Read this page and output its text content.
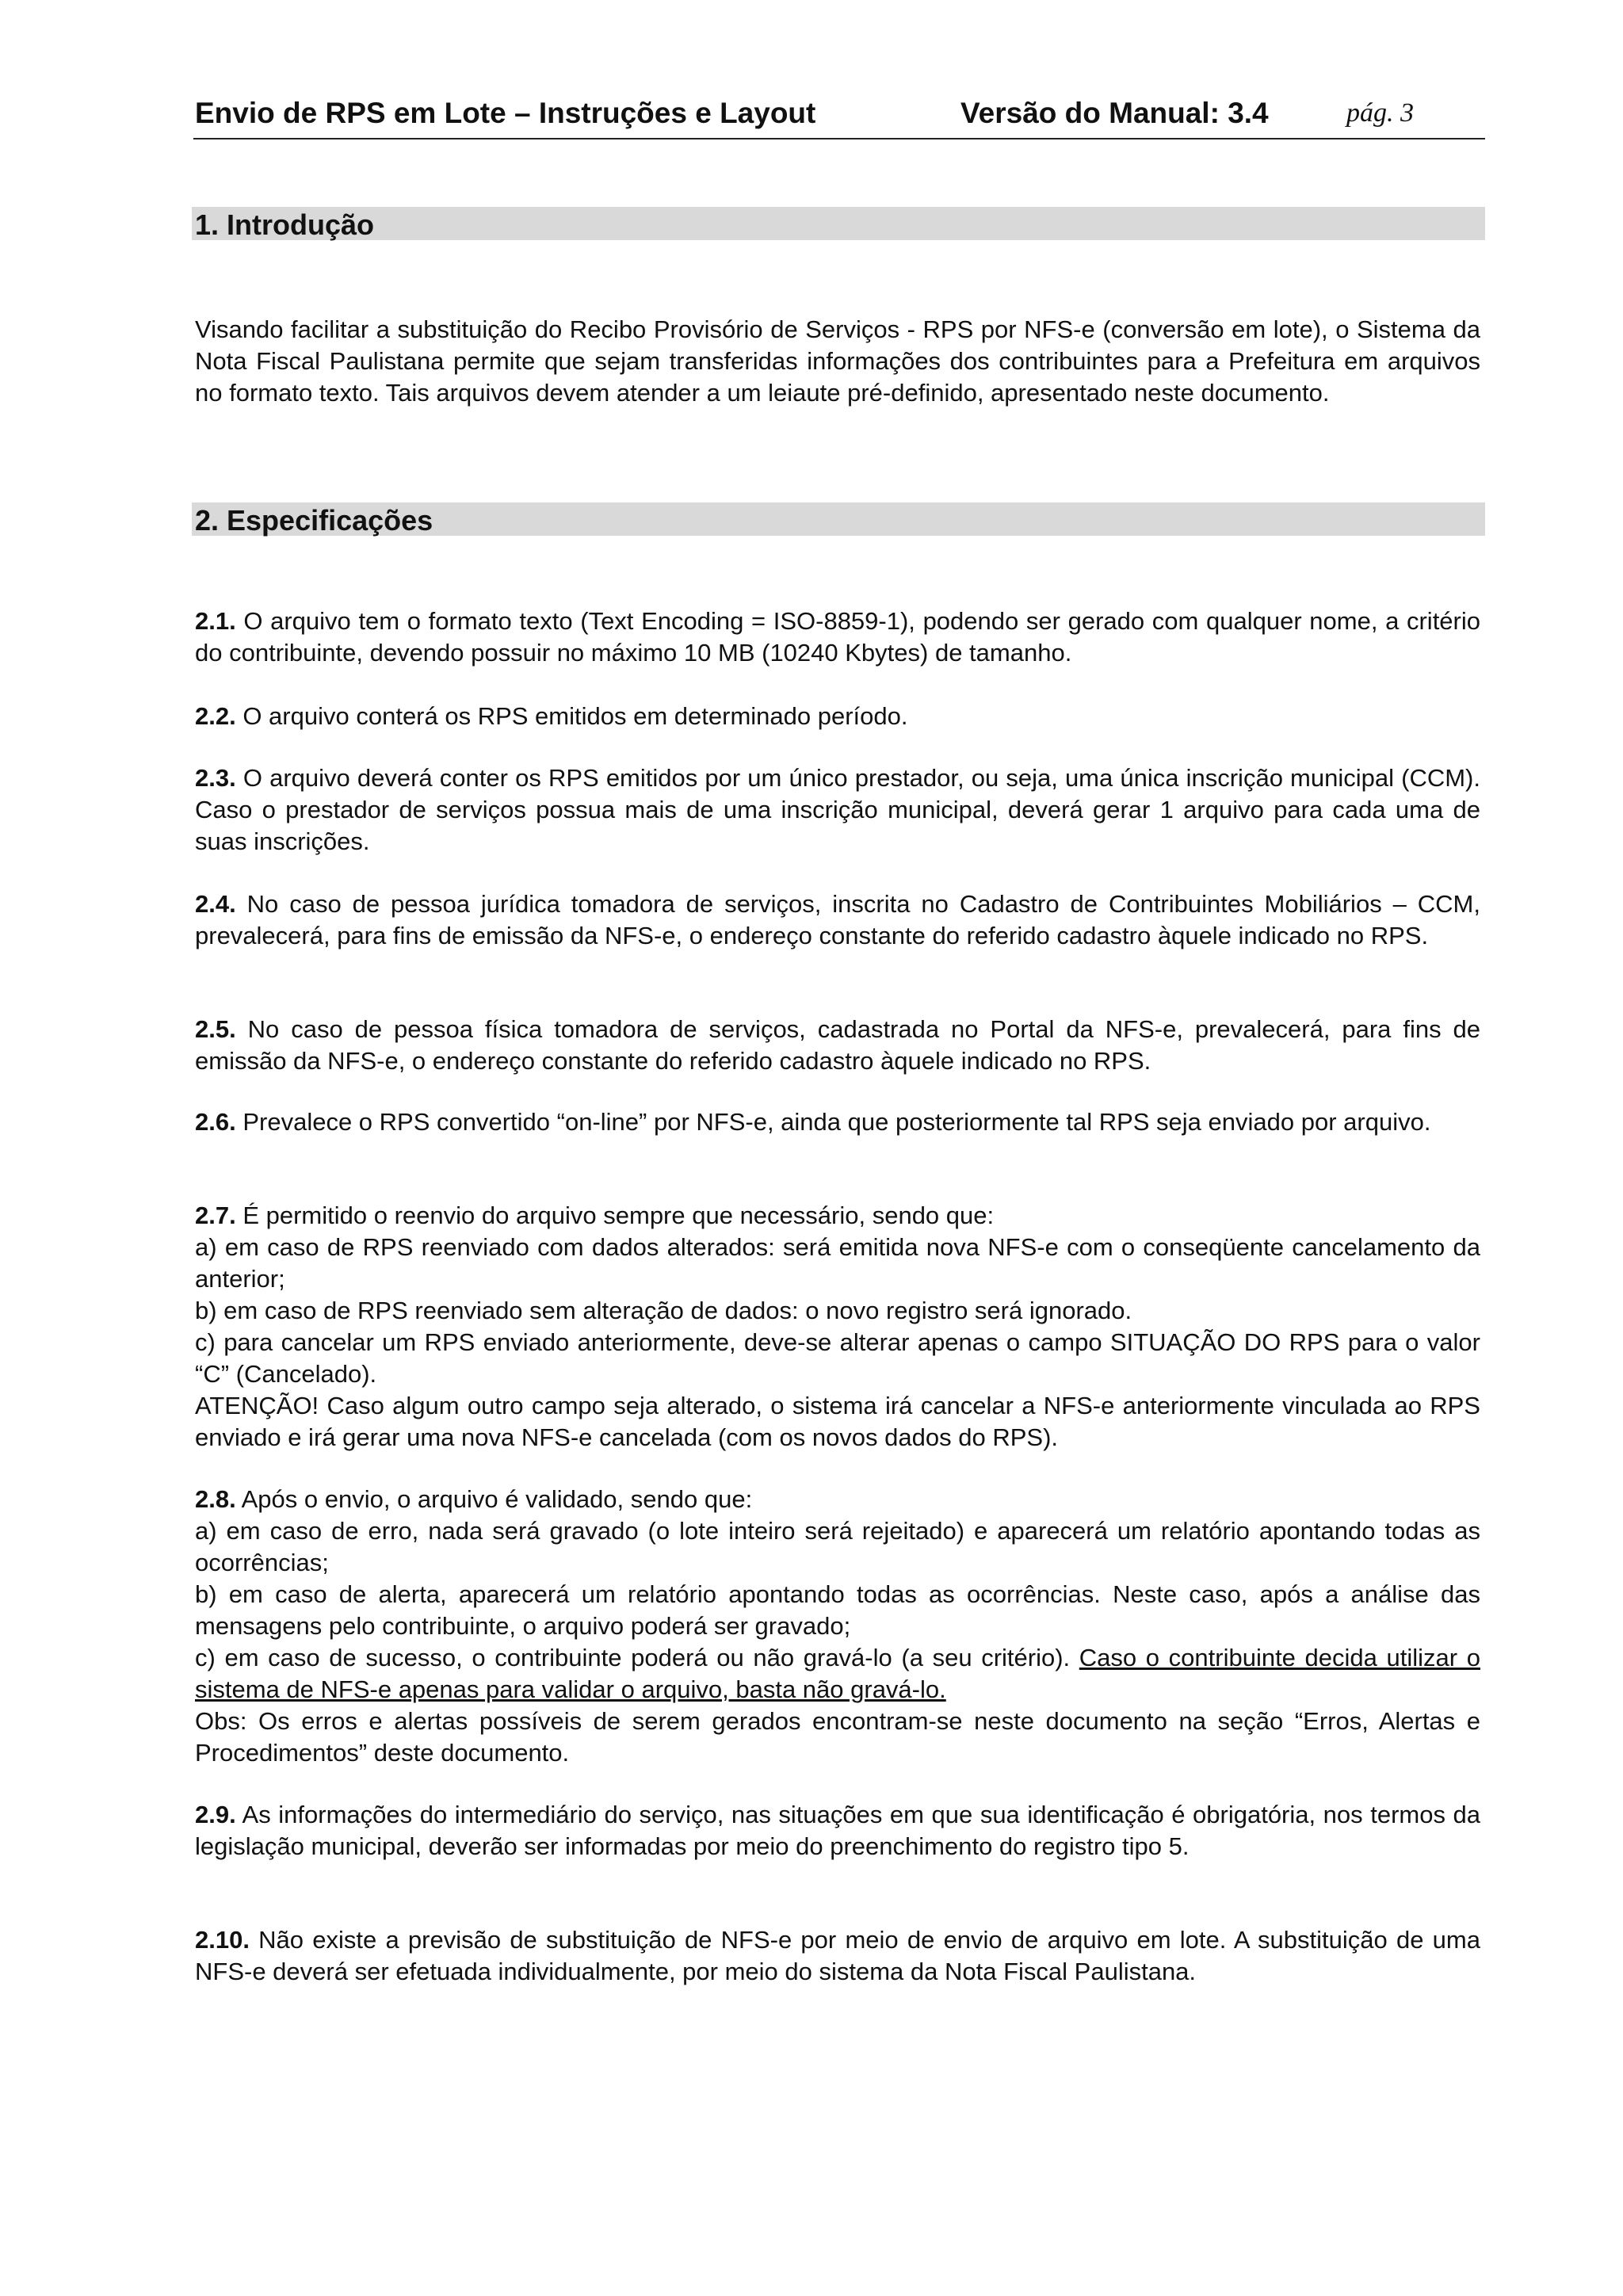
Envio de RPS em Lote – Instruções e Layout	Versão do Manual: 3.4	pág. 3
1. Introdução

Visando facilitar a substituição do Recibo Provisório de Serviços - RPS por NFS-e (conversão em lote), o Sistema da Nota Fiscal Paulistana permite que sejam transferidas informações dos contribuintes para a Prefeitura em arquivos no formato texto. Tais arquivos devem atender a um leiaute pré-definido, apresentado neste documento.

2. Especificações

2.1. O arquivo tem o formato texto (Text Encoding = ISO-8859-1), podendo ser gerado com qualquer nome, a critério do contribuinte, devendo possuir no máximo 10 MB (10240 Kbytes) de tamanho.

2.2. O arquivo conterá os RPS emitidos em determinado período.

2.3. O arquivo deverá conter os RPS emitidos por um único prestador, ou seja, uma única inscrição municipal (CCM). Caso o prestador de serviços possua mais de uma inscrição municipal, deverá gerar 1 arquivo para cada uma de suas inscrições.

2.4. No caso de pessoa jurídica tomadora de serviços, inscrita no Cadastro de Contribuintes Mobiliários – CCM, prevalecerá, para fins de emissão da NFS-e, o endereço constante do referido cadastro àquele indicado no RPS.

2.5. No caso de pessoa física tomadora de serviços, cadastrada no Portal da NFS-e, prevalecerá, para fins de emissão da NFS-e, o endereço constante do referido cadastro àquele indicado no RPS.

2.6. Prevalece o RPS convertido “on-line” por NFS-e, ainda que posteriormente tal RPS seja enviado por arquivo.

2.7. É permitido o reenvio do arquivo sempre que necessário, sendo que:

a) em caso de RPS reenviado com dados alterados: será emitida nova NFS-e com o conseqüente cancelamento da anterior;

b) em caso de RPS reenviado sem alteração de dados: o novo registro será ignorado.

c) para cancelar um RPS enviado anteriormente, deve-se alterar apenas o campo SITUAÇÃO DO RPS para o valor “C” (Cancelado).

ATENÇÃO! Caso algum outro campo seja alterado, o sistema irá cancelar a NFS-e anteriormente vinculada ao RPS enviado e irá gerar uma nova NFS-e cancelada (com os novos dados do RPS).

2.8. Após o envio, o arquivo é validado, sendo que:

a) em caso de erro, nada será gravado (o lote inteiro será rejeitado) e aparecerá um relatório apontando todas as ocorrências;

b) em caso de alerta, aparecerá um relatório apontando todas as ocorrências. Neste caso, após a análise das mensagens pelo contribuinte, o arquivo poderá ser gravado;

c) em caso de sucesso, o contribuinte poderá ou não gravá-lo (a seu critério). Caso o contribuinte decida utilizar o sistema de NFS-e apenas para validar o arquivo, basta não gravá-lo.

Obs: Os erros e alertas possíveis de serem gerados encontram-se neste documento na seção “Erros, Alertas e Procedimentos” deste documento.

2.9. As informações do intermediário do serviço, nas situações em que sua identificação é obrigatória, nos termos da legislação municipal, deverão ser informadas por meio do preenchimento do registro tipo 5.

2.10. Não existe a previsão de substituição de NFS-e por meio de envio de arquivo em lote. A substituição de uma NFS-e deverá ser efetuada individualmente, por meio do sistema da Nota Fiscal Paulistana.
